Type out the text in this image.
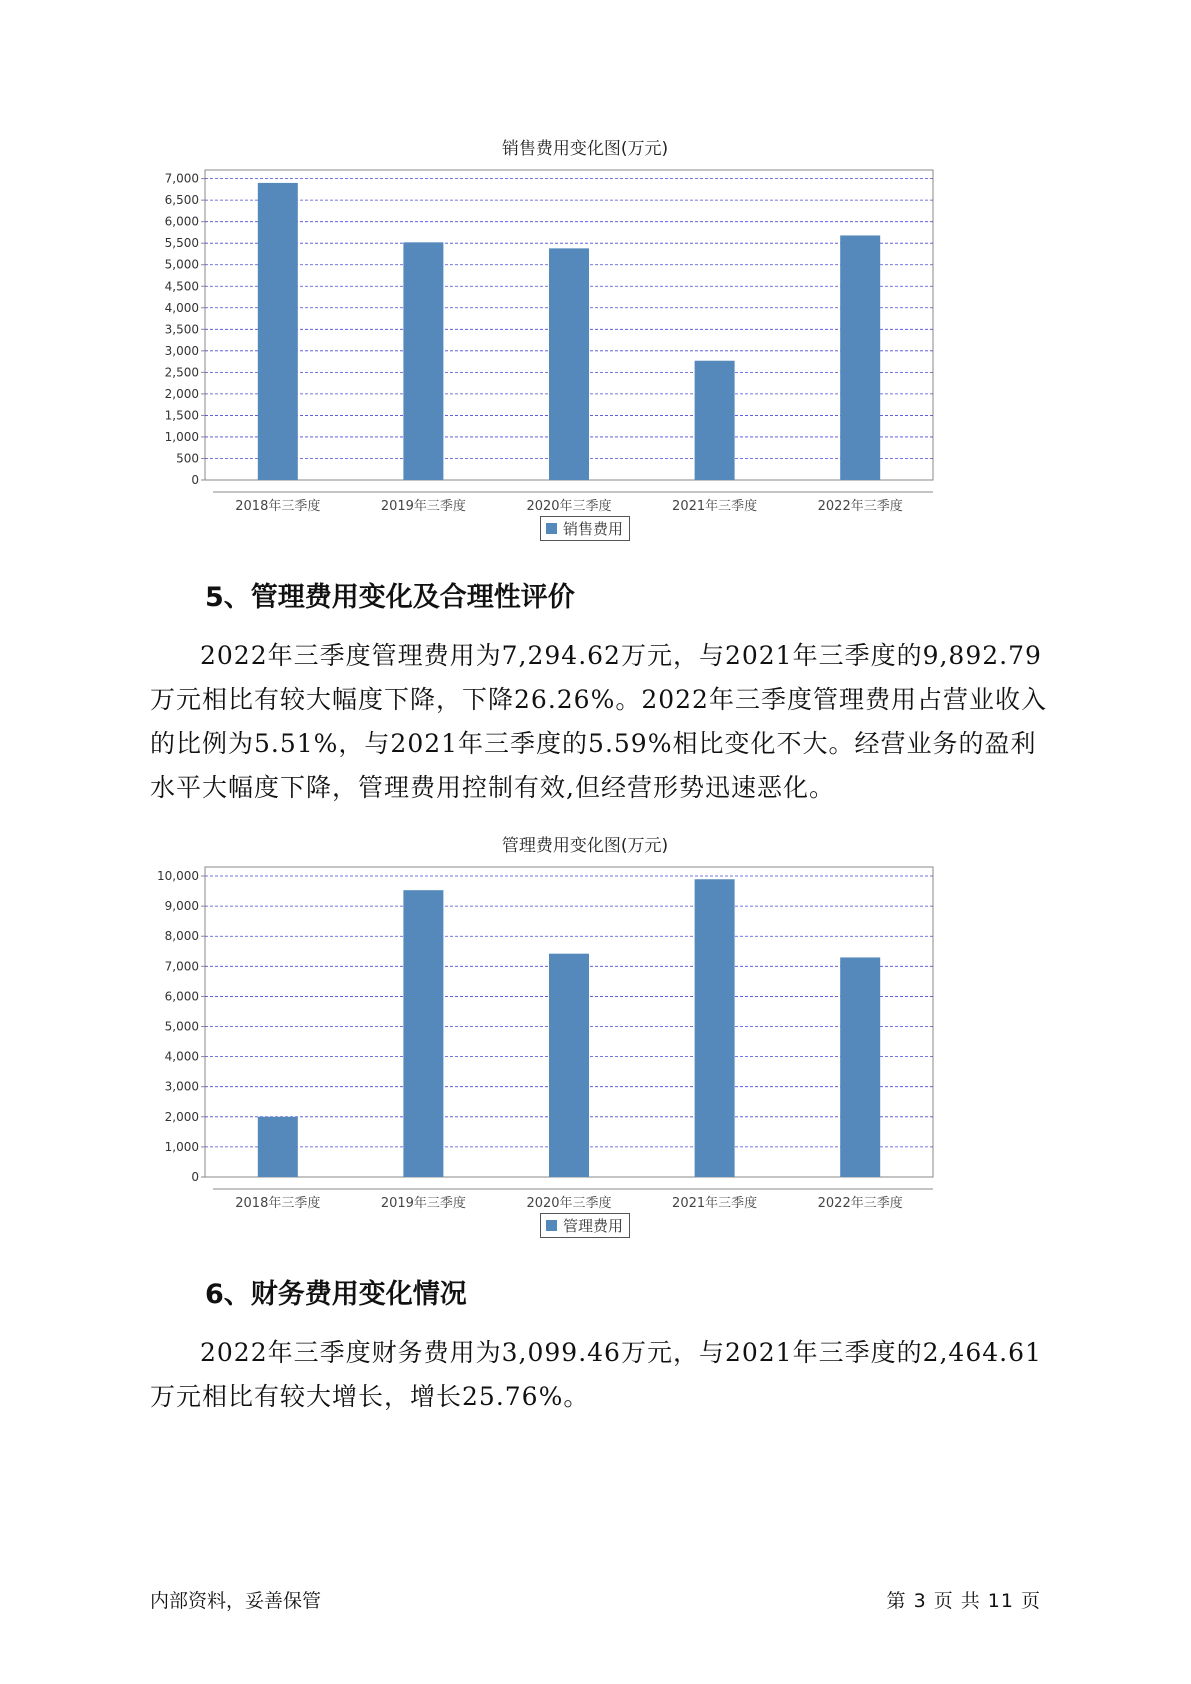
销售费用变化图(万元)
0
500
1,000
1,500
2,000
2,500
3,000
3,500
4,000
4,500
5,000
5,500
6,000
6,500
7,000
2018年三季度	2019年三季度	2020年三季度	2021年三季度	2022年三季度
销售费用
5、管理费用变化及合理性评价

2022年三季度管理费用为7,294.62万元，与2021年三季度的9,892.79万元相比有较大幅度下降，下降26.26%。2022年三季度管理费用占营业收入的比例为5.51%，与2021年三季度的5.59%相比变化不大。经营业务的盈利水平大幅度下降，管理费用控制有效,但经营形势迅速恶化。

管理费用变化图(万元)
0
1,000
2,000
3,000
4,000
5,000
6,000
7,000
8,000
9,000
10,000
2018年三季度	2019年三季度	2020年三季度	2021年三季度	2022年三季度
管理费用
6、财务费用变化情况

2022年三季度财务费用为3,099.46万元，与2021年三季度的2,464.61万元相比有较大增长，增长25.76%。

内部资料，妥善保管	第 3 页 共 11 页
